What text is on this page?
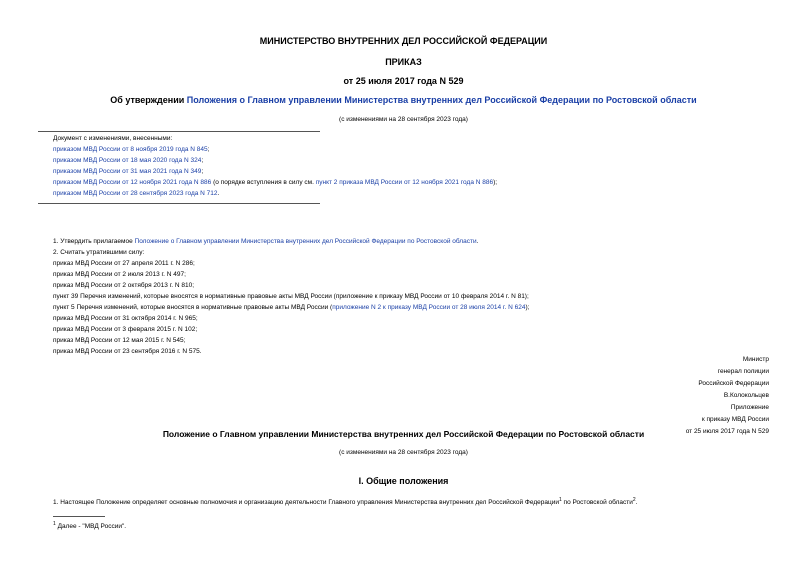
МИНИСТЕРСТВО ВНУТРЕННИХ ДЕЛ РОССИЙСКОЙ ФЕДЕРАЦИИ
ПРИКАЗ
от 25 июля 2017 года N 529
Об утверждении Положения о Главном управлении Министерства внутренних дел Российской Федерации по Ростовской области
(с изменениями на 28 сентября 2023 года)
Документ с изменениями, внесенными:
приказом МВД России от 8 ноября 2019 года N 845;
приказом МВД России от 18 мая 2020 года N 324;
приказом МВД России от 31 мая 2021 года N 349;
приказом МВД России от 12 ноября 2021 года N 886 (о порядке вступления в силу см. пункт 2 приказа МВД России от 12 ноября 2021 года N 886);
приказом МВД России от 28 сентября 2023 года N 712.
1. Утвердить прилагаемое Положение о Главном управлении Министерства внутренних дел Российской Федерации по Ростовской области.
2. Считать утратившими силу:
приказ МВД России от 27 апреля 2011 г. N 286;
приказ МВД России от 2 июля 2013 г. N 497;
приказ МВД России от 2 октября 2013 г. N 810;
пункт 39 Перечня изменений, которые вносятся в нормативные правовые акты МВД России (приложение к приказу МВД России от 10 февраля 2014 г. N 81);
пункт 5 Перечня изменений, которые вносятся в нормативные правовые акты МВД России (приложение N 2 к приказу МВД России от 28 июля 2014 г. N 624);
приказ МВД России от 31 октября 2014 г. N 965;
приказ МВД России от 3 февраля 2015 г. N 102;
приказ МВД России от 12 мая 2015 г. N 545;
приказ МВД России от 23 сентября 2016 г. N 575.
Министр
генерал полиции
Российской Федерации
В.Колокольцев
Приложение
к приказу МВД России
от 25 июля 2017 года N 529
Положение о Главном управлении Министерства внутренних дел Российской Федерации по Ростовской области
(с изменениями на 28 сентября 2023 года)
I. Общие положения
1. Настоящее Положение определяет основные полномочия и организацию деятельности Главного управления Министерства внутренних дел Российской Федерации$^1$ по Ростовской области$^2$.
$^1$ Далее - "МВД России".
